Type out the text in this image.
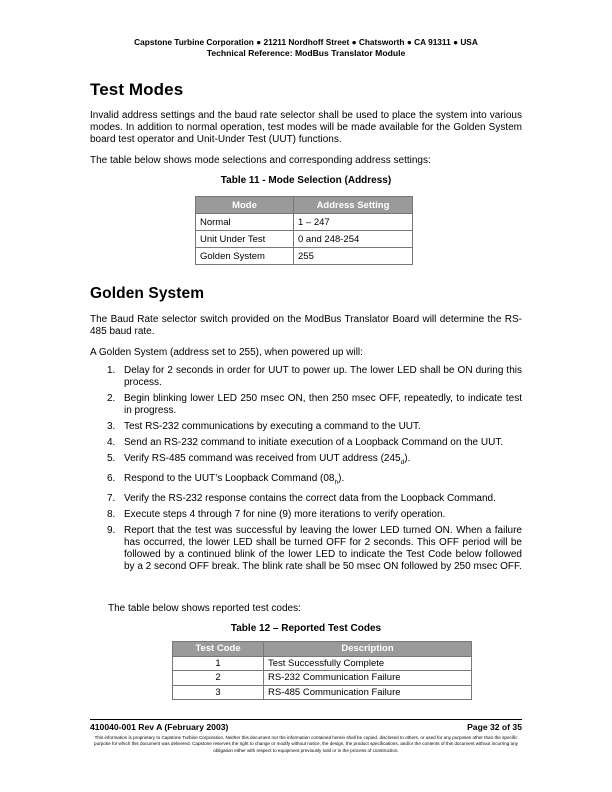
Capstone Turbine Corporation ● 21211 Nordhoff Street ● Chatsworth ● CA 91311 ● USA
Technical Reference: ModBus Translator Module
Test Modes

Invalid address settings and the baud rate selector shall be used to place the system into various modes. In addition to normal operation, test modes will be made available for the Golden System board test operator and Unit-Under Test (UUT) functions.

The table below shows mode selections and corresponding address settings:

Table 11 - Mode Selection (Address)
Mode	Address Setting
Normal	1 – 247
Unit Under Test	0 and 248-254
Golden System	255
Golden System

The Baud Rate selector switch provided on the ModBus Translator Board will determine the RS-485 baud rate.

A Golden System (address set to 255), when powered up will:

1. Delay for 2 seconds in order for UUT to power up. The lower LED shall be ON during this process.
2. Begin blinking lower LED 250 msec ON, then 250 msec OFF, repeatedly, to indicate test in progress.
3. Test RS-232 communications by executing a command to the UUT.
4. Send an RS-232 command to initiate execution of a Loopback Command on the UUT.
5. Verify RS-485 command was received from UUT address $(245_d)$.
6. Respond to the UUT’s Loopback Command $(08_h)$.
7. Verify the RS-232 response contains the correct data from the Loopback Command.
8. Execute steps 4 through 7 for nine (9) more iterations to verify operation.
9. Report that the test was successful by leaving the lower LED turned ON. When a failure has occurred, the lower LED shall be turned OFF for 2 seconds. This OFF period will be followed by a continued blink of the lower LED to indicate the Test Code below followed by a 2 second OFF break. The blink rate shall be 50 msec ON followed by 250 msec OFF.

The table below shows reported test codes:

Table 12 – Reported Test Codes
Test Code	Description
1	Test Successfully Complete
2	RS-232 Communication Failure
3	RS-485 Communication Failure
410040-001 Rev A (February 2003)	Page 32 of 35
This information is proprietary to Capstone Turbine Corporation. Neither this document nor the information contained herein shall be copied, disclosed to others, or used for any purposes other than the specific purpose for which this document was delivered. Capstone reserves the right to change or modify without notice, the design, the product specifications, and/or the contents of this document without incurring any obligation either with respect to equipment previously sold or in the process of construction.
